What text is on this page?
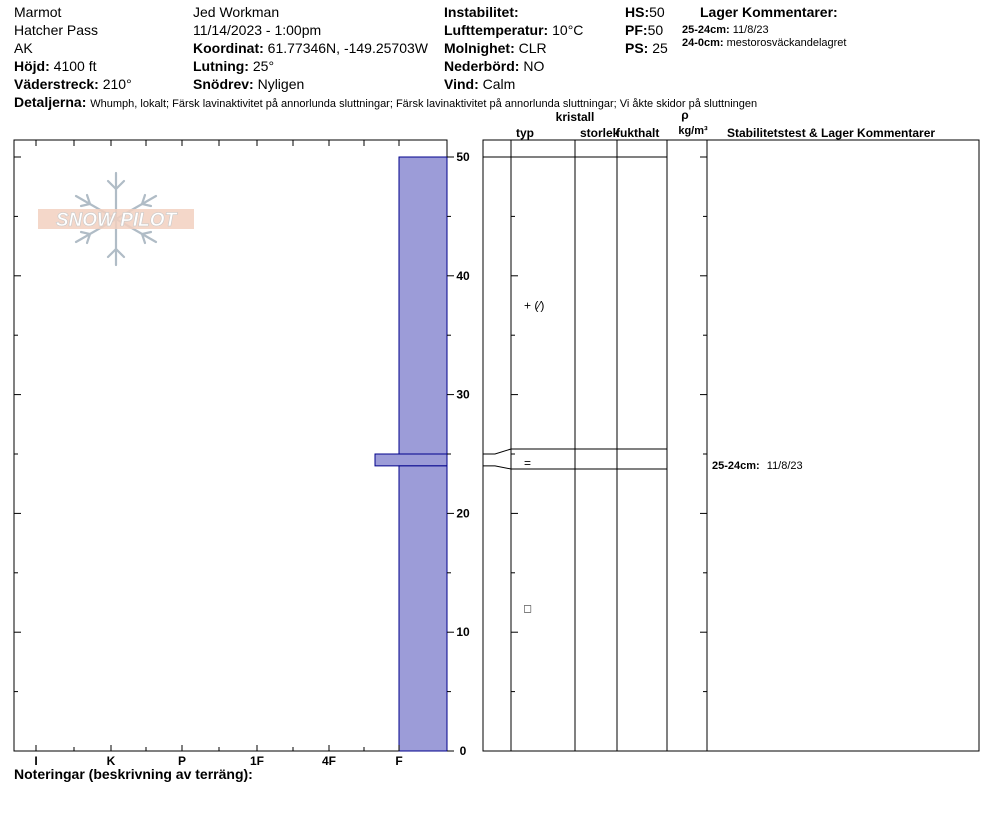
Marmot
Hatcher Pass
AK
Höjd: 4100 ft
Väderstreck: 210°
Jed Workman
11/14/2023 - 1:00pm
Koordinat: 61.77346N, -149.25703W
Lutning: 25°
Snödrev: Nyligen
Instabilitet:
Lufttemperatur: 10°C
Molnighet: CLR
Nederbörd: NO
Vind: Calm
HS:50
PF:50
PS: 25
Lager Kommentarer:
25-24cm: 11/8/23
24-0cm: mestorosväckandelagret
Detaljerna: Whumph, lokalt; Färsk lavinaktivitet på annorlunda sluttningar; Färsk lavinaktivitet på annorlunda sluttningar; Vi åkte skidor på sluttningen
SNOW PILOT
I	K	P	1F	4F	F
0
10
20
30
40
50
+ (⁄)
=
□
kristall
typ	storlek
fukthalt
ρ
kg/m³ Stabilitetstest & Lager Kommentarer
25-24cm: 11/8/23
Noteringar (beskrivning av terräng):
